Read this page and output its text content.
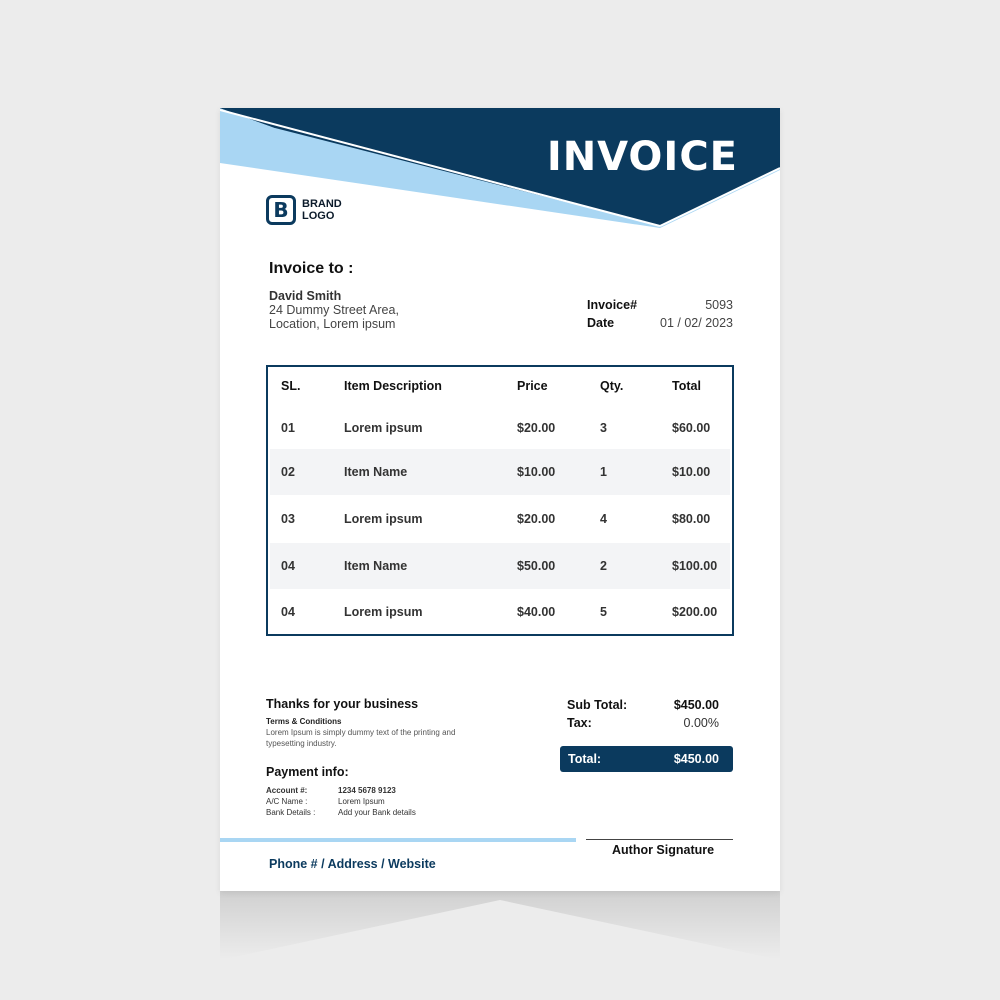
INVOICE
B	BRAND
LOGO
Invoice to :
David Smith
24 Dummy Street Area,
Location, Lorem ipsum
Invoice#	5093
Date	01 / 02/ 2023
SL.	Item Description	Price	Qty.	Total
01	Lorem ipsum	$20.00	3	$60.00
02	Item Name	$10.00	1	$10.00
03	Lorem ipsum	$20.00	4	$80.00
04	Item Name	$50.00	2	$100.00
04	Lorem ipsum	$40.00	5	$200.00
Thanks for your business
Terms & Conditions
Lorem Ipsum is simply dummy text of the printing and typesetting industry.
Payment info:
Account #:	1234 5678 9123
A/C Name :	Lorem Ipsum
Bank Details :	Add your Bank details
Sub Total:	$450.00
Tax:	0.00%
Total:	$450.00
Phone # / Address / Website
Author Signature
